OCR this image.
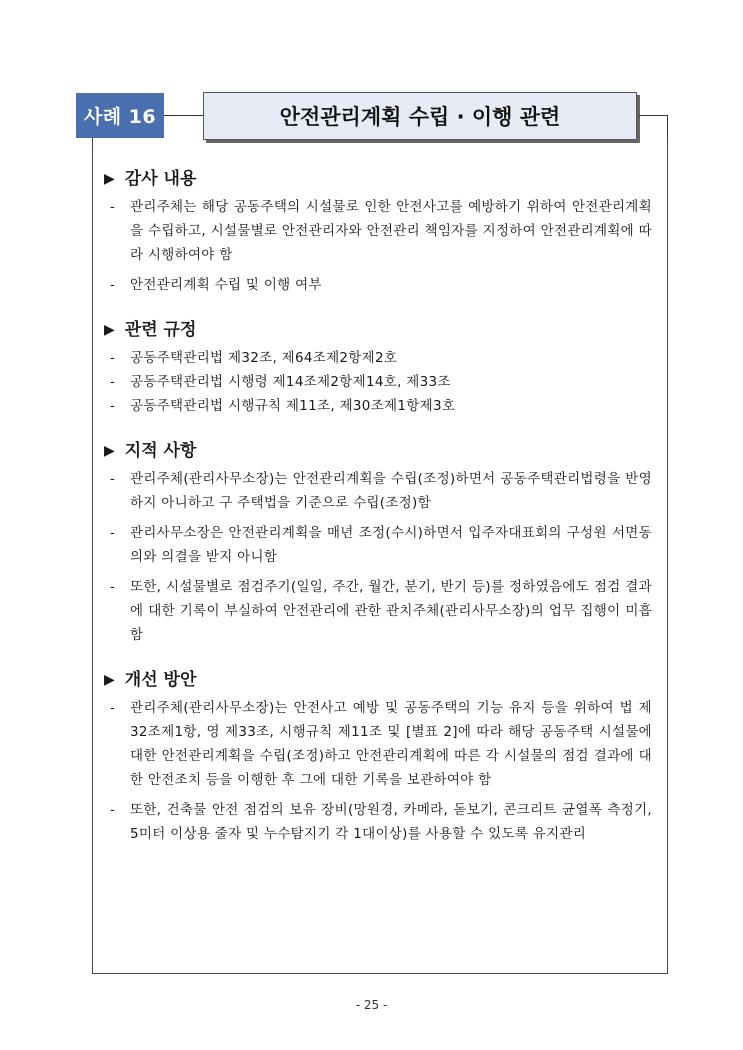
사례 16	안전관리계획 수립 · 이행 관련
▶ 감사 내용
-	관리주체는 해당 공동주택의 시설물로 인한 안전사고를 예방하기 위하여 안전관리계획을 수립하고, 시설물별로 안전관리자와 안전관리 책임자를 지정하여 안전관리계획에 따라 시행하여야 함
-	안전관리계획 수립 및 이행 여부
▶ 관련 규정
-	공동주택관리법 제32조, 제64조제2항제2호
-	공동주택관리법 시행령 제14조제2항제14호, 제33조
-	공동주택관리법 시행규칙 제11조, 제30조제1항제3호
▶ 지적 사항
-	관리주체(관리사무소장)는 안전관리계획을 수립(조정)하면서 공동주택관리법령을 반영하지 아니하고 구 주택법을 기준으로 수립(조정)함
-	관리사무소장은 안전관리계획을 매년 조정(수시)하면서 입주자대표회의 구성원 서면동의와 의결을 받지 아니함
-	또한, 시설물별로 점검주기(일일, 주간, 월간, 분기, 반기 등)를 정하였음에도 점검 결과에 대한 기록이 부실하여 안전관리에 관한 관치주체(관리사무소장)의 업무 집행이 미흡함
▶ 개선 방안
-	관리주체(관리사무소장)는 안전사고 예방 및 공동주택의 기능 유지 등을 위하여 법 제32조제1항, 영 제33조, 시행규칙 제11조 및 [별표 2]에 따라 해당 공동주택 시설물에 대한 안전관리계획을 수립(조정)하고 안전관리계획에 따른 각 시설물의 점검 결과에 대한 안전조치 등을 이행한 후 그에 대한 기록을 보관하여야 함
-	또한, 건축물 안전 점검의 보유 장비(망원경, 카메라, 돋보기, 콘크리트 균열폭 측정기, 5미터 이상용 줄자 및 누수탐지기 각 1대이상)를 사용할 수 있도록 유지관리
- 25 -
